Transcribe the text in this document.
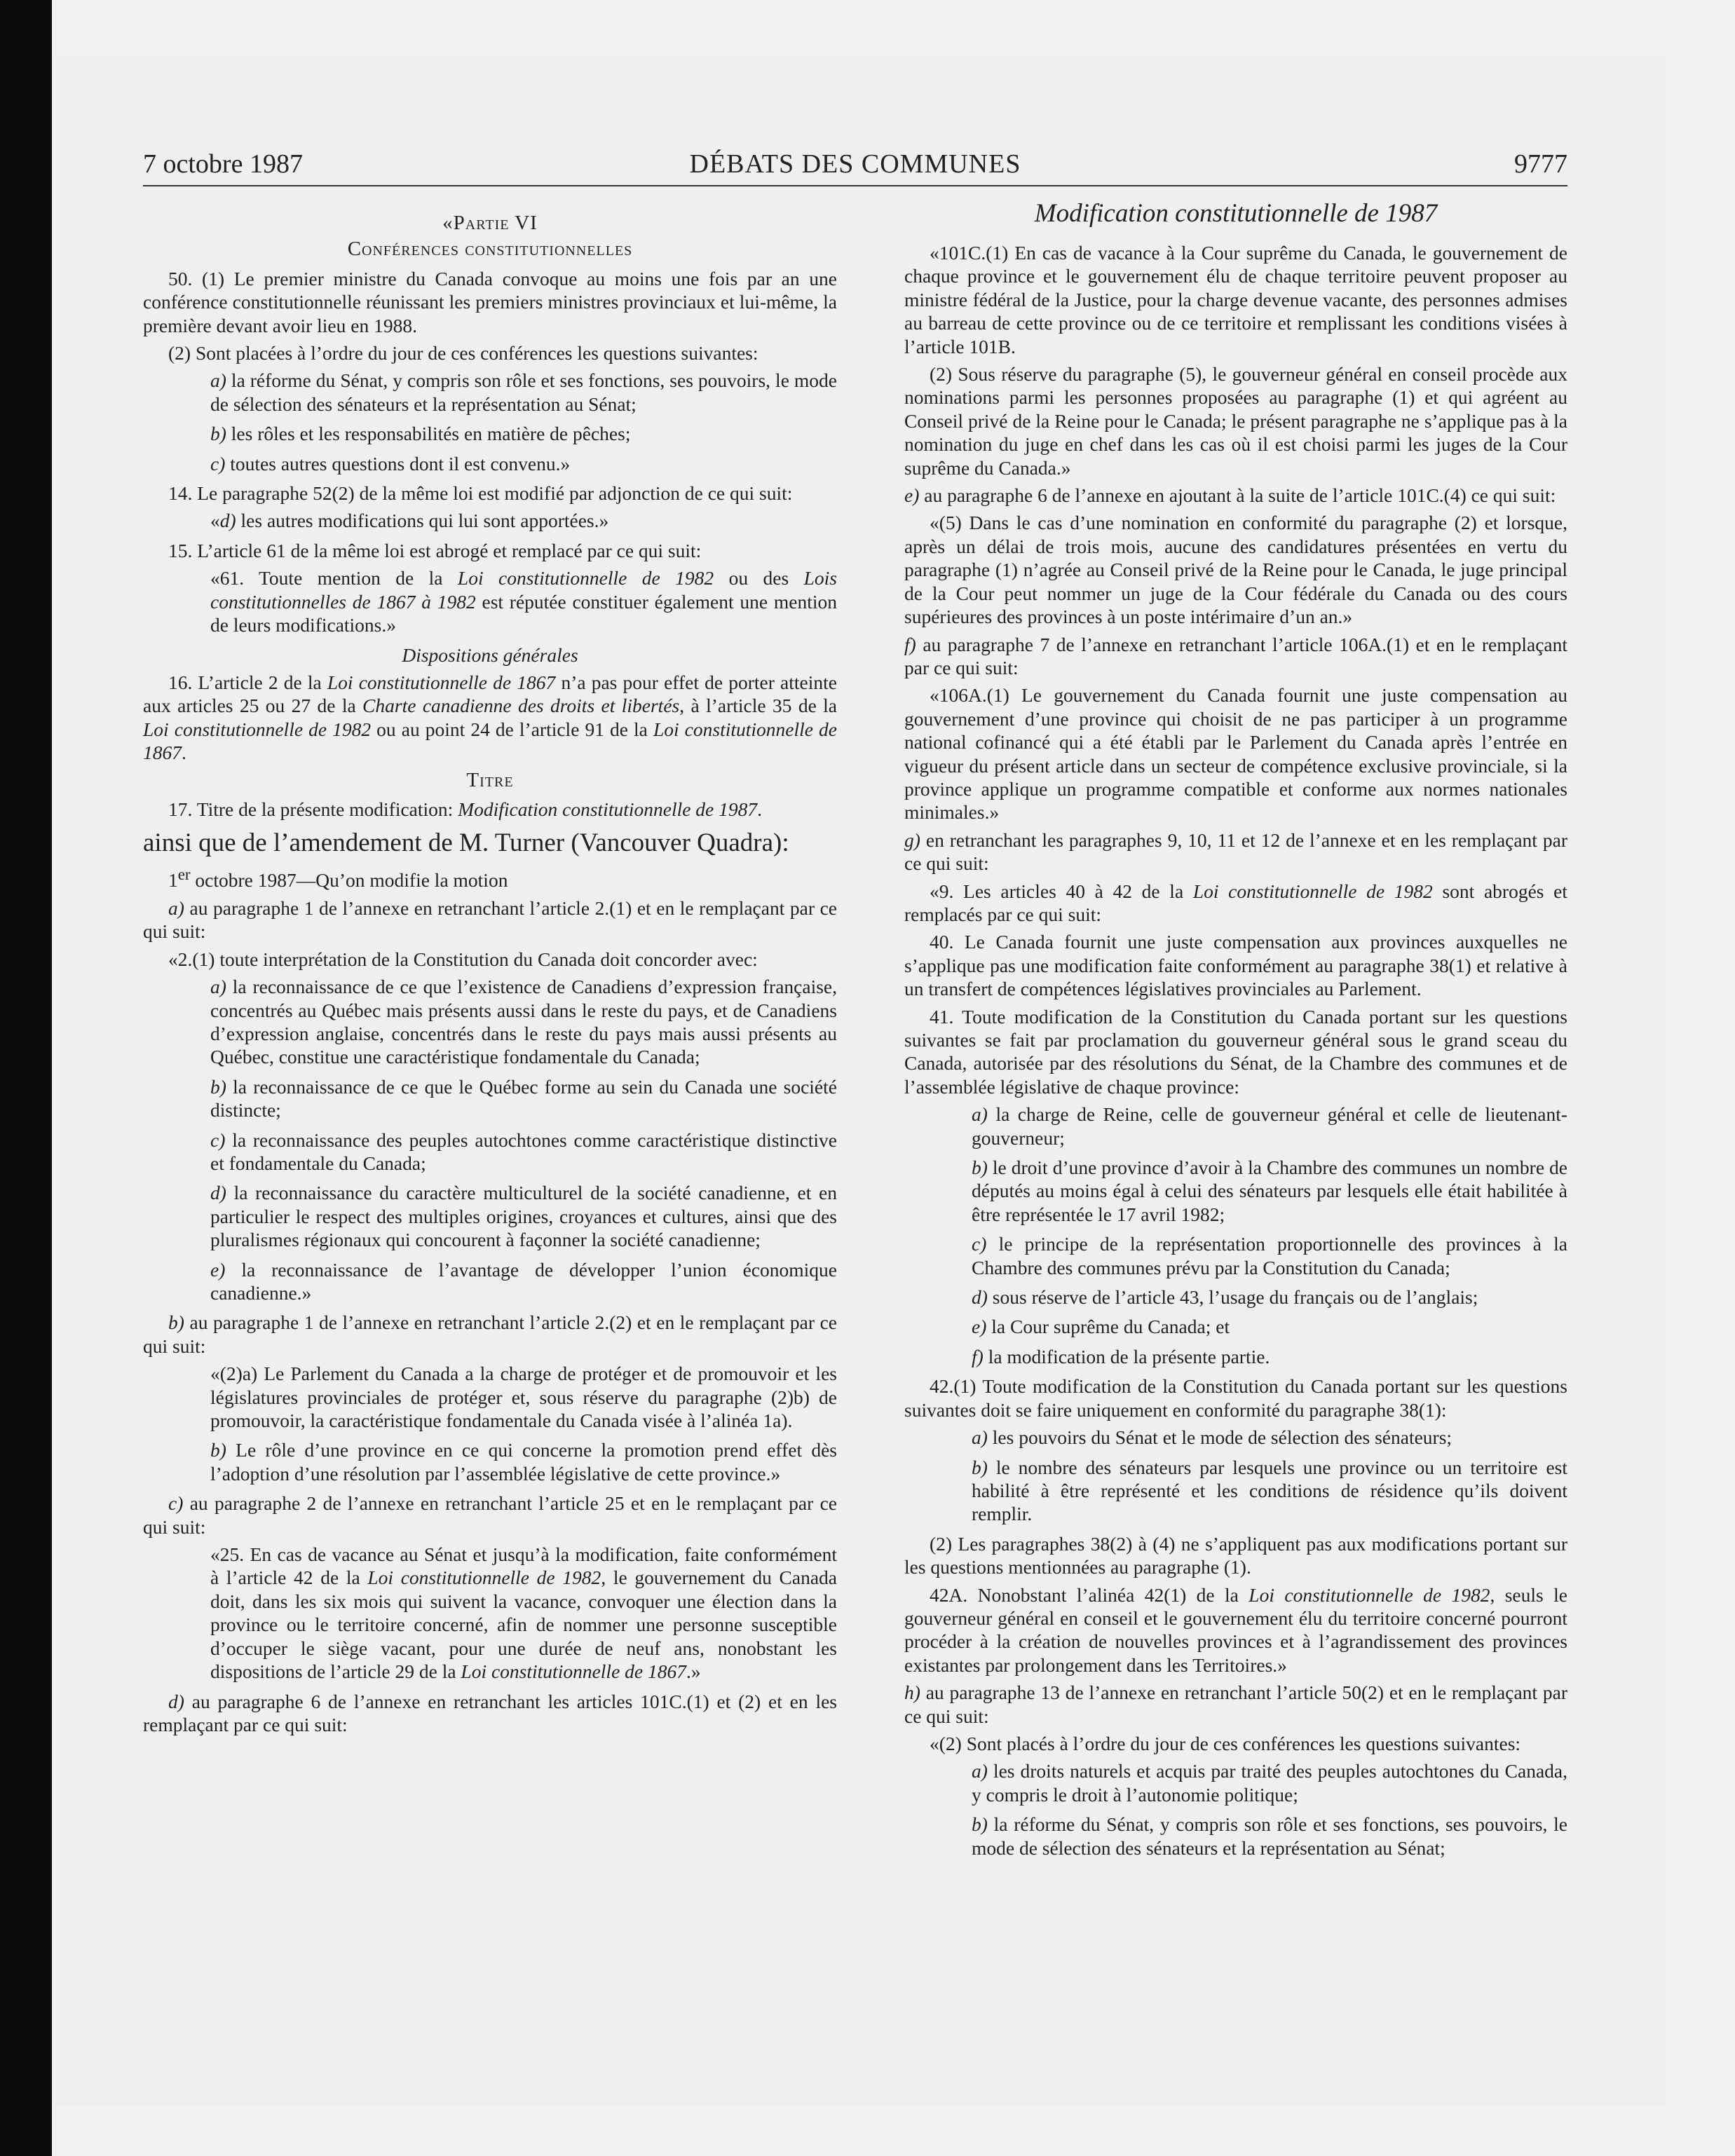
7 octobre 1987	DÉBATS DES COMMUNES	9777

«Partie VI

Conférences constitutionnelles

50. (1) Le premier ministre du Canada convoque au moins une fois par an une conférence constitutionnelle réunissant les premiers ministres provinciaux et lui-même, la première devant avoir lieu en 1988.

(2) Sont placées à l’ordre du jour de ces conférences les questions suivantes:

a) la réforme du Sénat, y compris son rôle et ses fonctions, ses pouvoirs, le mode de sélection des sénateurs et la représentation au Sénat;

b) les rôles et les responsabilités en matière de pêches;

c) toutes autres questions dont il est convenu.»

14. Le paragraphe 52(2) de la même loi est modifié par adjonction de ce qui suit:

«d) les autres modifications qui lui sont apportées.»

15. L’article 61 de la même loi est abrogé et remplacé par ce qui suit:

«61. Toute mention de la Loi constitutionnelle de 1982 ou des Lois constitutionnelles de 1867 à 1982 est réputée constituer également une mention de leurs modifications.»

Dispositions générales

16. L’article 2 de la Loi constitutionnelle de 1867 n’a pas pour effet de porter atteinte aux articles 25 ou 27 de la Charte canadienne des droits et libertés, à l’article 35 de la Loi constitutionnelle de 1982 ou au point 24 de l’article 91 de la Loi constitutionnelle de 1867.

Titre

17. Titre de la présente modification: Modification constitutionnelle de 1987.

ainsi que de l’amendement de M. Turner (Vancouver Quadra):

1er octobre 1987—Qu’on modifie la motion

a) au paragraphe 1 de l’annexe en retranchant l’article 2.(1) et en le remplaçant par ce qui suit:

«2.(1) toute interprétation de la Constitution du Canada doit concorder avec:

a) la reconnaissance de ce que l’existence de Canadiens d’expression française, concentrés au Québec mais présents aussi dans le reste du pays, et de Canadiens d’expression anglaise, concentrés dans le reste du pays mais aussi présents au Québec, constitue une caractéristique fondamentale du Canada;

b) la reconnaissance de ce que le Québec forme au sein du Canada une société distincte;

c) la reconnaissance des peuples autochtones comme caractéristique distinctive et fondamentale du Canada;

d) la reconnaissance du caractère multiculturel de la société canadienne, et en particulier le respect des multiples origines, croyances et cultures, ainsi que des pluralismes régionaux qui concourent à façonner la société canadienne;

e) la reconnaissance de l’avantage de développer l’union économique canadienne.»

b) au paragraphe 1 de l’annexe en retranchant l’article 2.(2) et en le remplaçant par ce qui suit:

«(2)a) Le Parlement du Canada a la charge de protéger et de promouvoir et les législatures provinciales de protéger et, sous réserve du paragraphe (2)b) de promouvoir, la caractéristique fondamentale du Canada visée à l’alinéa 1a).

b) Le rôle d’une province en ce qui concerne la promotion prend effet dès l’adoption d’une résolution par l’assemblée législative de cette province.»

c) au paragraphe 2 de l’annexe en retranchant l’article 25 et en le remplaçant par ce qui suit:

«25. En cas de vacance au Sénat et jusqu’à la modification, faite conformément à l’article 42 de la Loi constitutionnelle de 1982, le gouvernement du Canada doit, dans les six mois qui suivent la vacance, convoquer une élection dans la province ou le territoire concerné, afin de nommer une personne susceptible d’occuper le siège vacant, pour une durée de neuf ans, nonobstant les dispositions de l’article 29 de la Loi constitutionnelle de 1867.»

d) au paragraphe 6 de l’annexe en retranchant les articles 101C.(1) et (2) et en les remplaçant par ce qui suit:

Modification constitutionnelle de 1987

«101C.(1) En cas de vacance à la Cour suprême du Canada, le gouvernement de chaque province et le gouvernement élu de chaque territoire peuvent proposer au ministre fédéral de la Justice, pour la charge devenue vacante, des personnes admises au barreau de cette province ou de ce territoire et remplissant les conditions visées à l’article 101B.

(2) Sous réserve du paragraphe (5), le gouverneur général en conseil procède aux nominations parmi les personnes proposées au paragraphe (1) et qui agréent au Conseil privé de la Reine pour le Canada; le présent paragraphe ne s’applique pas à la nomination du juge en chef dans les cas où il est choisi parmi les juges de la Cour suprême du Canada.»

e) au paragraphe 6 de l’annexe en ajoutant à la suite de l’article 101C.(4) ce qui suit:

«(5) Dans le cas d’une nomination en conformité du paragraphe (2) et lorsque, après un délai de trois mois, aucune des candidatures présentées en vertu du paragraphe (1) n’agrée au Conseil privé de la Reine pour le Canada, le juge principal de la Cour peut nommer un juge de la Cour fédérale du Canada ou des cours supérieures des provinces à un poste intérimaire d’un an.»

f) au paragraphe 7 de l’annexe en retranchant l’article 106A.(1) et en le remplaçant par ce qui suit:

«106A.(1) Le gouvernement du Canada fournit une juste compensation au gouvernement d’une province qui choisit de ne pas participer à un programme national cofinancé qui a été établi par le Parlement du Canada après l’entrée en vigueur du présent article dans un secteur de compétence exclusive provinciale, si la province applique un programme compatible et conforme aux normes nationales minimales.»

g) en retranchant les paragraphes 9, 10, 11 et 12 de l’annexe et en les remplaçant par ce qui suit:

«9. Les articles 40 à 42 de la Loi constitutionnelle de 1982 sont abrogés et remplacés par ce qui suit:

40. Le Canada fournit une juste compensation aux provinces auxquelles ne s’applique pas une modification faite conformément au paragraphe 38(1) et relative à un transfert de compétences législatives provinciales au Parlement.

41. Toute modification de la Constitution du Canada portant sur les questions suivantes se fait par proclamation du gouverneur général sous le grand sceau du Canada, autorisée par des résolutions du Sénat, de la Chambre des communes et de l’assemblée législative de chaque province:

a) la charge de Reine, celle de gouverneur général et celle de lieutenant-gouverneur;

b) le droit d’une province d’avoir à la Chambre des communes un nombre de députés au moins égal à celui des sénateurs par lesquels elle était habilitée à être représentée le 17 avril 1982;

c) le principe de la représentation proportionnelle des provinces à la Chambre des communes prévu par la Constitution du Canada;

d) sous réserve de l’article 43, l’usage du français ou de l’anglais;

e) la Cour suprême du Canada; et

f) la modification de la présente partie.

42.(1) Toute modification de la Constitution du Canada portant sur les questions suivantes doit se faire uniquement en conformité du paragraphe 38(1):

a) les pouvoirs du Sénat et le mode de sélection des sénateurs;

b) le nombre des sénateurs par lesquels une province ou un territoire est habilité à être représenté et les conditions de résidence qu’ils doivent remplir.

(2) Les paragraphes 38(2) à (4) ne s’appliquent pas aux modifications portant sur les questions mentionnées au paragraphe (1).

42A. Nonobstant l’alinéa 42(1) de la Loi constitutionnelle de 1982, seuls le gouverneur général en conseil et le gouvernement élu du territoire concerné pourront procéder à la création de nouvelles provinces et à l’agrandissement des provinces existantes par prolongement dans les Territoires.»

h) au paragraphe 13 de l’annexe en retranchant l’article 50(2) et en le remplaçant par ce qui suit:

«(2) Sont placés à l’ordre du jour de ces conférences les questions suivantes:

a) les droits naturels et acquis par traité des peuples autochtones du Canada, y compris le droit à l’autonomie politique;

b) la réforme du Sénat, y compris son rôle et ses fonctions, ses pouvoirs, le mode de sélection des sénateurs et la représentation au Sénat;
